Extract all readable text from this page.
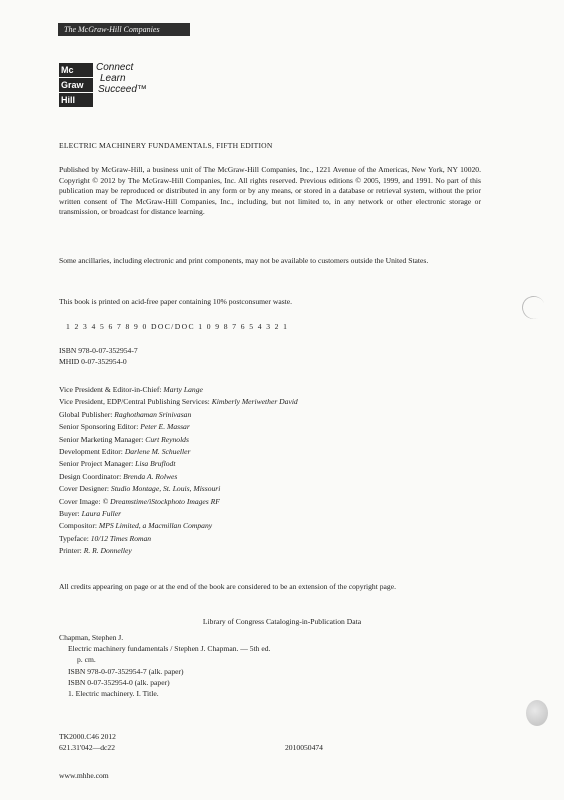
The McGraw-Hill Companies
Mc
Graw
Hill
Connect
Learn
Succeed™
ELECTRIC MACHINERY FUNDAMENTALS, FIFTH EDITION
Published by McGraw-Hill, a business unit of The McGraw-Hill Companies, Inc., 1221 Avenue of the Americas, New York, NY 10020. Copyright © 2012 by The McGraw-Hill Companies, Inc. All rights reserved. Previous editions © 2005, 1999, and 1991. No part of this publication may be reproduced or distributed in any form or by any means, or stored in a database or retrieval system, without the prior written consent of The McGraw-Hill Companies, Inc., including, but not limited to, in any network or other electronic storage or transmission, or broadcast for distance learning.
Some ancillaries, including electronic and print components, may not be available to customers outside the United States.
This book is printed on acid-free paper containing 10% postconsumer waste.
1 2 3 4 5 6 7 8 9 0 DOC/DOC 1 0 9 8 7 6 5 4 3 2 1
ISBN 978-0-07-352954-7
MHID 0-07-352954-0
Vice President & Editor-in-Chief: Marty Lange
Vice President, EDP/Central Publishing Services: Kimberly Meriwether David
Global Publisher: Raghothaman Srinivasan
Senior Sponsoring Editor: Peter E. Massar
Senior Marketing Manager: Curt Reynolds
Development Editor: Darlene M. Schueller
Senior Project Manager: Lisa Bruflodt
Design Coordinator: Brenda A. Rolwes
Cover Designer: Studio Montage, St. Louis, Missouri
Cover Image: © Dreamstime/iStockphoto Images RF
Buyer: Laura Fuller
Compositor: MPS Limited, a Macmillan Company
Typeface: 10/12 Times Roman
Printer: R. R. Donnelley
All credits appearing on page or at the end of the book are considered to be an extension of the copyright page.
Library of Congress Cataloging-in-Publication Data
Chapman, Stephen J.
Electric machinery fundamentals / Stephen J. Chapman. — 5th ed.
p. cm.
ISBN 978-0-07-352954-7 (alk. paper)
ISBN 0-07-352954-0 (alk. paper)
1. Electric machinery. I. Title.
TK2000.C46 2012
621.31'042—dc22	2010050474
www.mhhe.com
